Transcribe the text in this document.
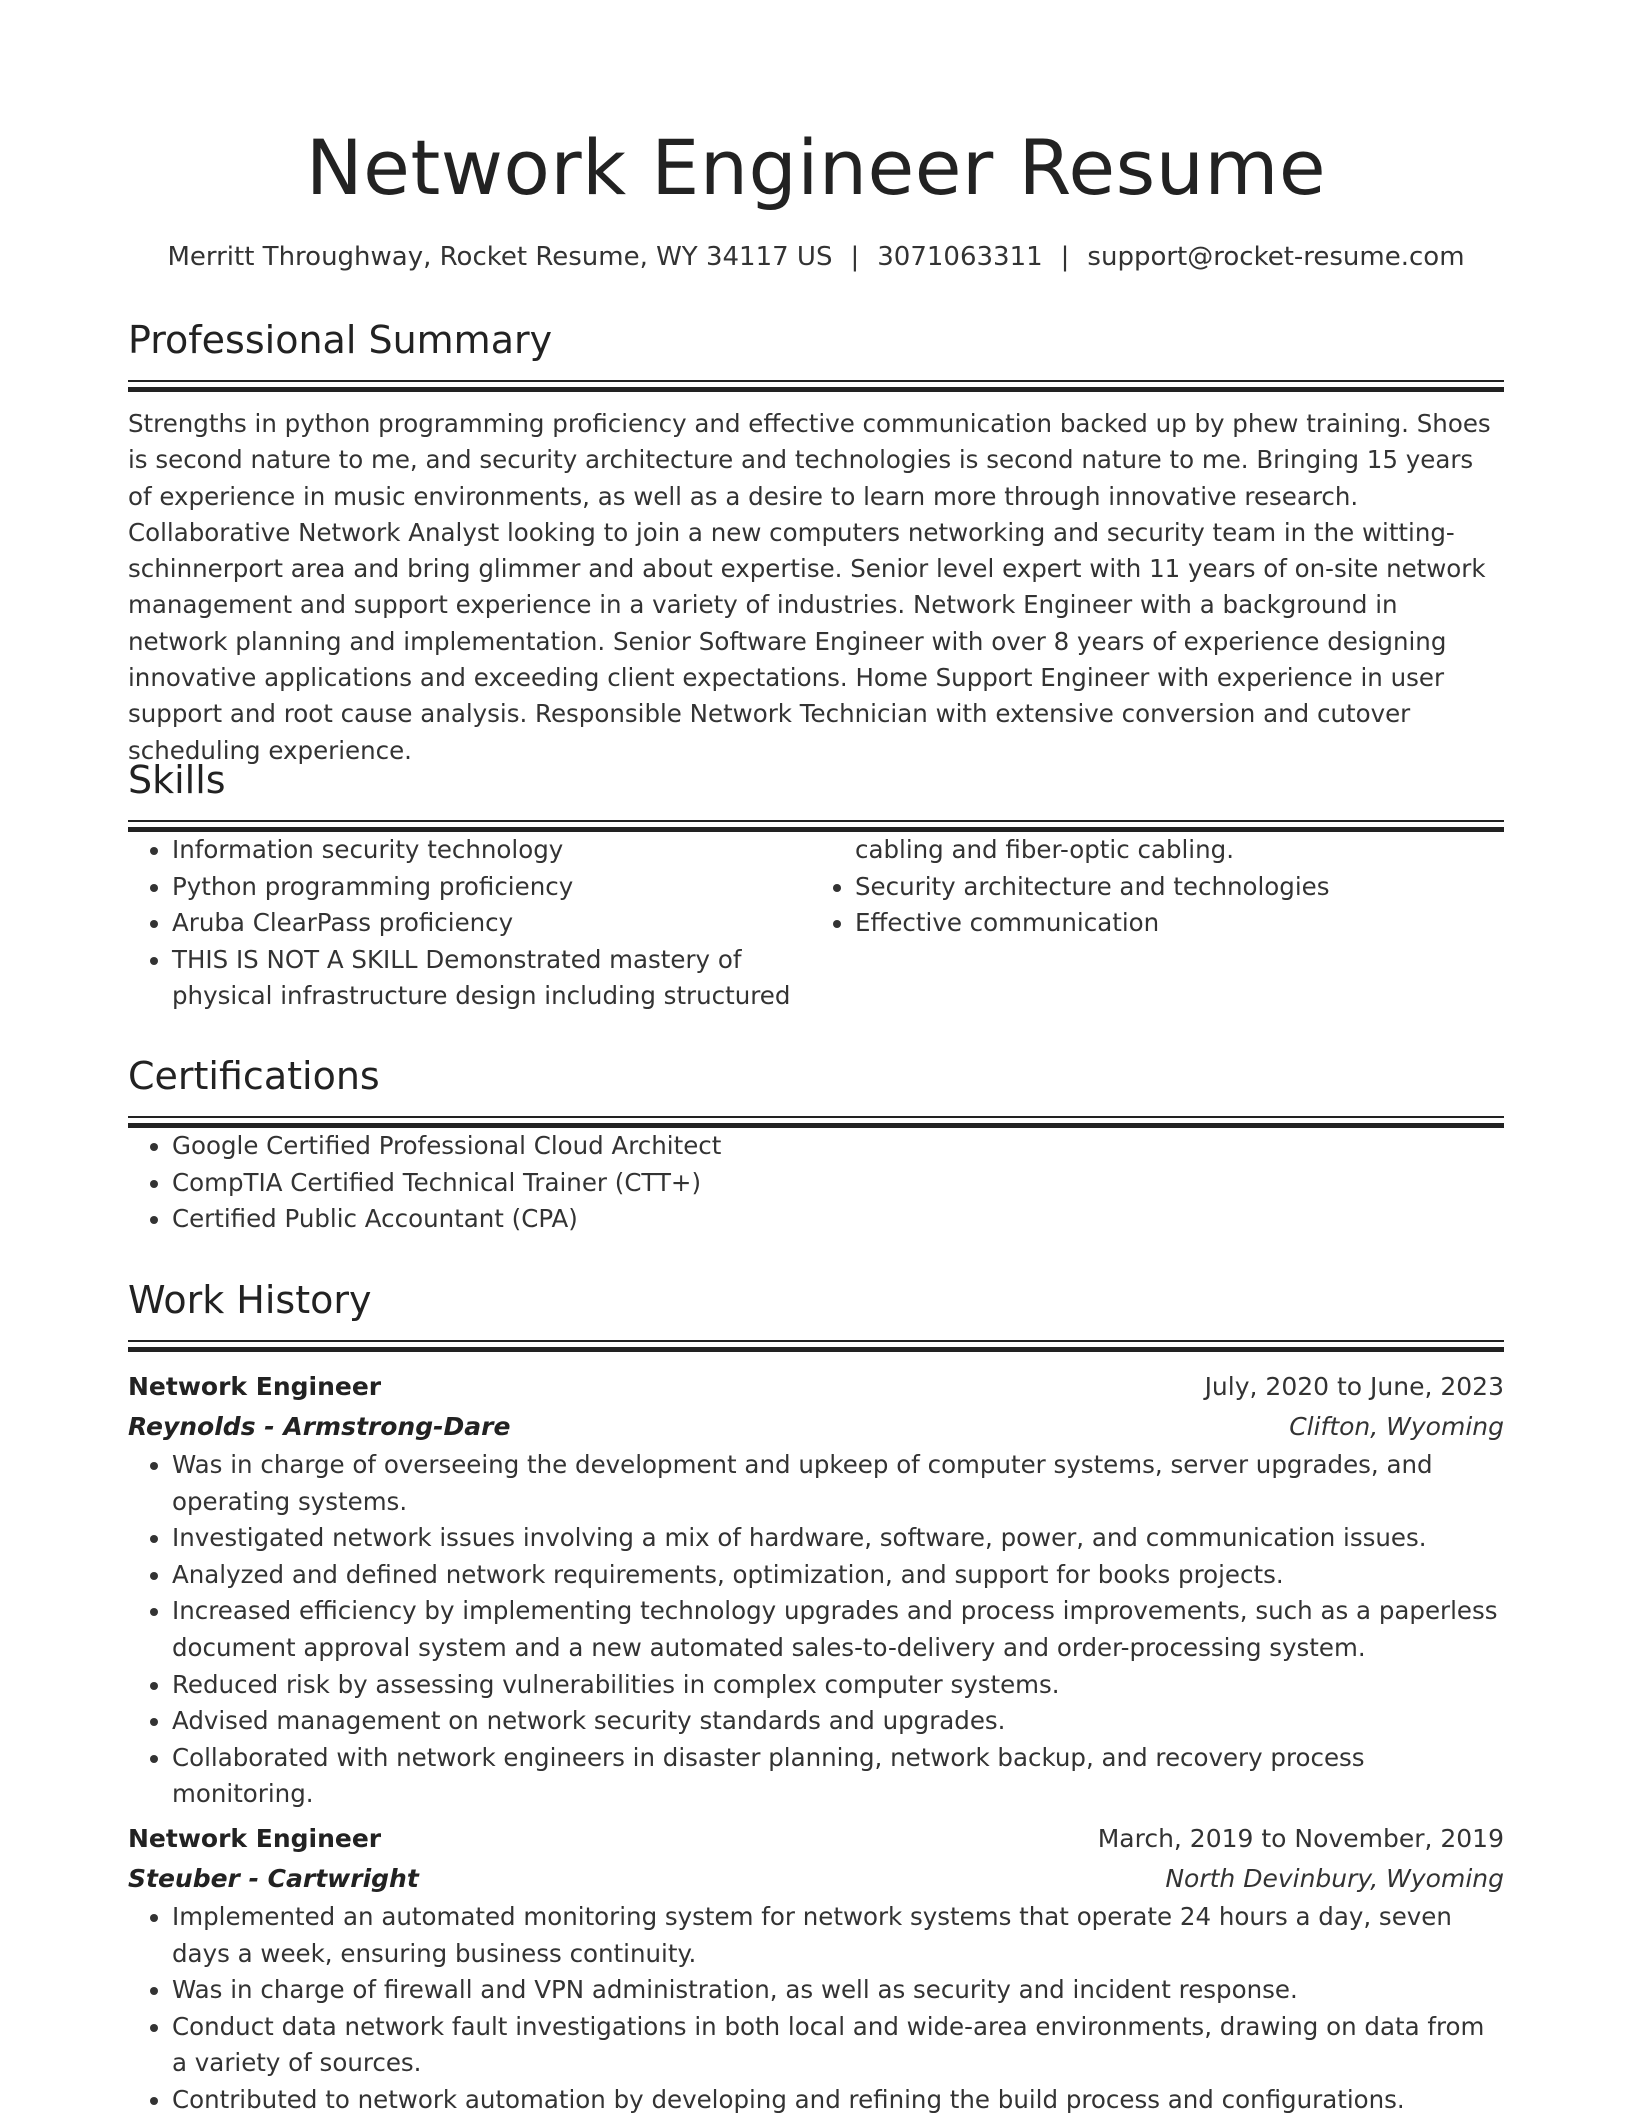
Network Engineer Resume
Merritt Throughway, Rocket Resume, WY 34117 US | 3071063311 | support@rocket-resume.com
Professional Summary

Strengths in python programming proficiency and effective communication backed up by phew training. Shoes is second nature to me, and security architecture and technologies is second nature to me. Bringing 15 years of experience in music environments, as well as a desire to learn more through innovative research. Collaborative Network Analyst looking to join a new computers networking and security team in the witting-schinnerport area and bring glimmer and about expertise. Senior level expert with 11 years of on-site network management and support experience in a variety of industries. Network Engineer with a background in network planning and implementation. Senior Software Engineer with over 8 years of experience designing innovative applications and exceeding client expectations. Home Support Engineer with experience in user support and root cause analysis. Responsible Network Technician with extensive conversion and cutover scheduling experience.

Skills
• Information security technology
• Python programming proficiency
• Aruba ClearPass proficiency
• THIS IS NOT A SKILL Demonstrated mastery of physical infrastructure design including structured cabling and fiber-optic cabling.
• Security architecture and technologies
• Effective communication
Certifications
• Google Certified Professional Cloud Architect
• CompTIA Certified Technical Trainer (CTT+)
• Certified Public Accountant (CPA)
Work History
Network Engineer	July, 2020 to June, 2023
Reynolds - Armstrong-Dare	Clifton, Wyoming
• Was in charge of overseeing the development and upkeep of computer systems, server upgrades, and operating systems.
• Investigated network issues involving a mix of hardware, software, power, and communication issues.
• Analyzed and defined network requirements, optimization, and support for books projects.
• Increased efficiency by implementing technology upgrades and process improvements, such as a paperless document approval system and a new automated sales-to-delivery and order-processing system.
• Reduced risk by assessing vulnerabilities in complex computer systems.
• Advised management on network security standards and upgrades.
• Collaborated with network engineers in disaster planning, network backup, and recovery process monitoring.
Network Engineer	March, 2019 to November, 2019
Steuber - Cartwright	North Devinbury, Wyoming
• Implemented an automated monitoring system for network systems that operate 24 hours a day, seven days a week, ensuring business continuity.
• Was in charge of firewall and VPN administration, as well as security and incident response.
• Conduct data network fault investigations in both local and wide-area environments, drawing on data from a variety of sources.
• Contributed to network automation by developing and refining the build process and configurations.
